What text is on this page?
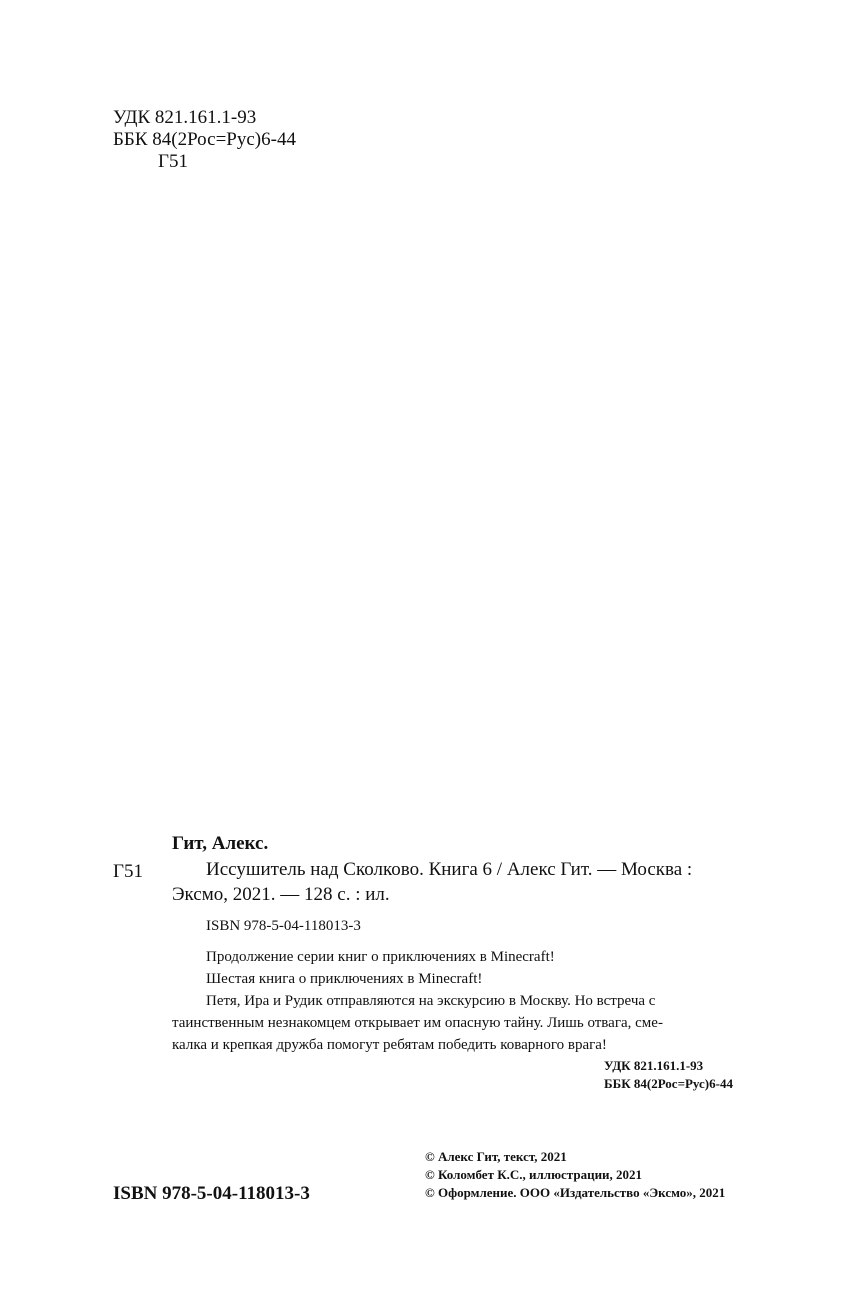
УДК 821.161.1-93
ББК 84(2Рос=Рус)6-44
Г51
Гит, Алекс.
Г51	Иссушитель над Сколково. Книга 6 / Алекс Гит. — Москва :
Эксмо, 2021. — 128 с. : ил.
ISBN 978-5-04-118013-3
Продолжение серии книг о приключениях в Minecraft!
Шестая книга о приключениях в Minecraft!
Петя, Ира и Рудик отправляются на экскурсию в Москву. Но встреча с
таинственным незнакомцем открывает им опасную тайну. Лишь отвага, сме-
калка и крепкая дружба помогут ребятам победить коварного врага!
УДК 821.161.1-93
ББК 84(2Рос=Рус)6-44
© Алекс Гит, текст, 2021
© Коломбет К.С., иллюстрации, 2021
© Оформление. ООО «Издательство «Эксмо», 2021
ISBN 978-5-04-118013-3
